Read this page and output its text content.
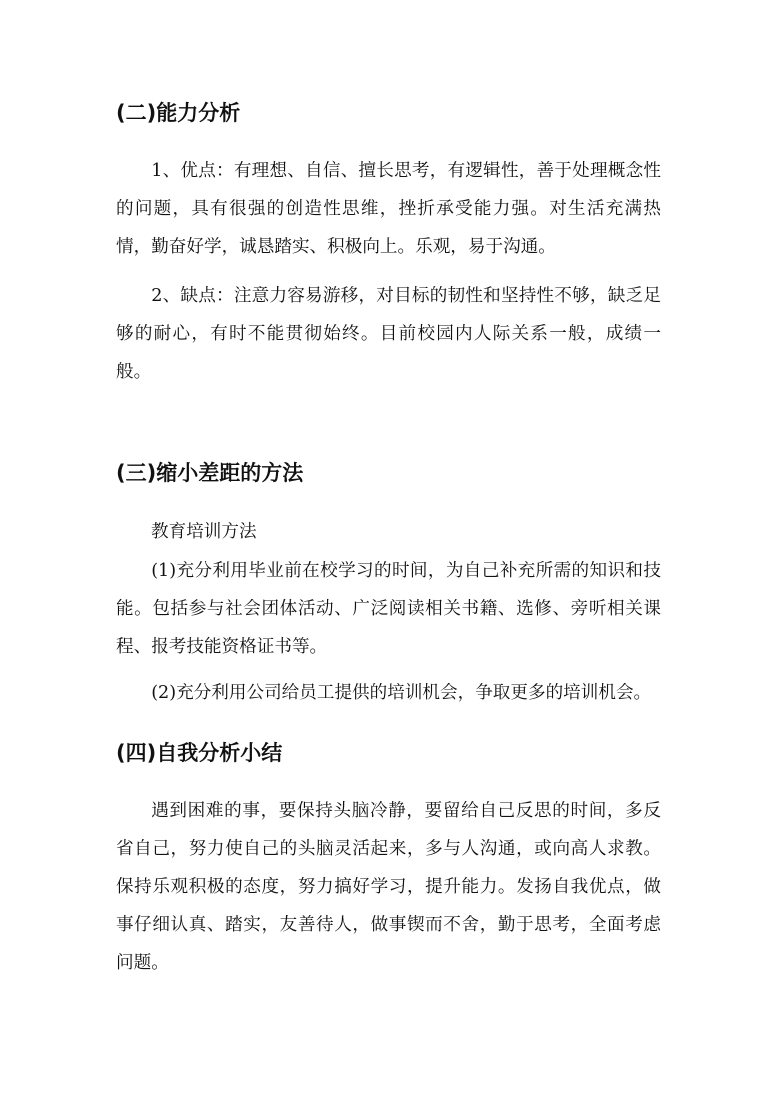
(二)能力分析

1、优点：有理想、自信、擅长思考，有逻辑性，善于处理概念性的问题，具有很强的创造性思维，挫折承受能力强。对生活充满热情，勤奋好学，诚恳踏实、积极向上。乐观，易于沟通。

2、缺点：注意力容易游移，对目标的韧性和坚持性不够，缺乏足够的耐心，有时不能贯彻始终。目前校园内人际关系一般，成绩一般。

(三)缩小差距的方法

教育培训方法

(1)充分利用毕业前在校学习的时间，为自己补充所需的知识和技能。包括参与社会团体活动、广泛阅读相关书籍、选修、旁听相关课程、报考技能资格证书等。

(2)充分利用公司给员工提供的培训机会，争取更多的培训机会。

(四)自我分析小结

遇到困难的事，要保持头脑冷静，要留给自己反思的时间，多反省自己，努力使自己的头脑灵活起来，多与人沟通，或向高人求教。保持乐观积极的态度，努力搞好学习，提升能力。发扬自我优点，做事仔细认真、踏实，友善待人，做事锲而不舍，勤于思考，全面考虑问题。
